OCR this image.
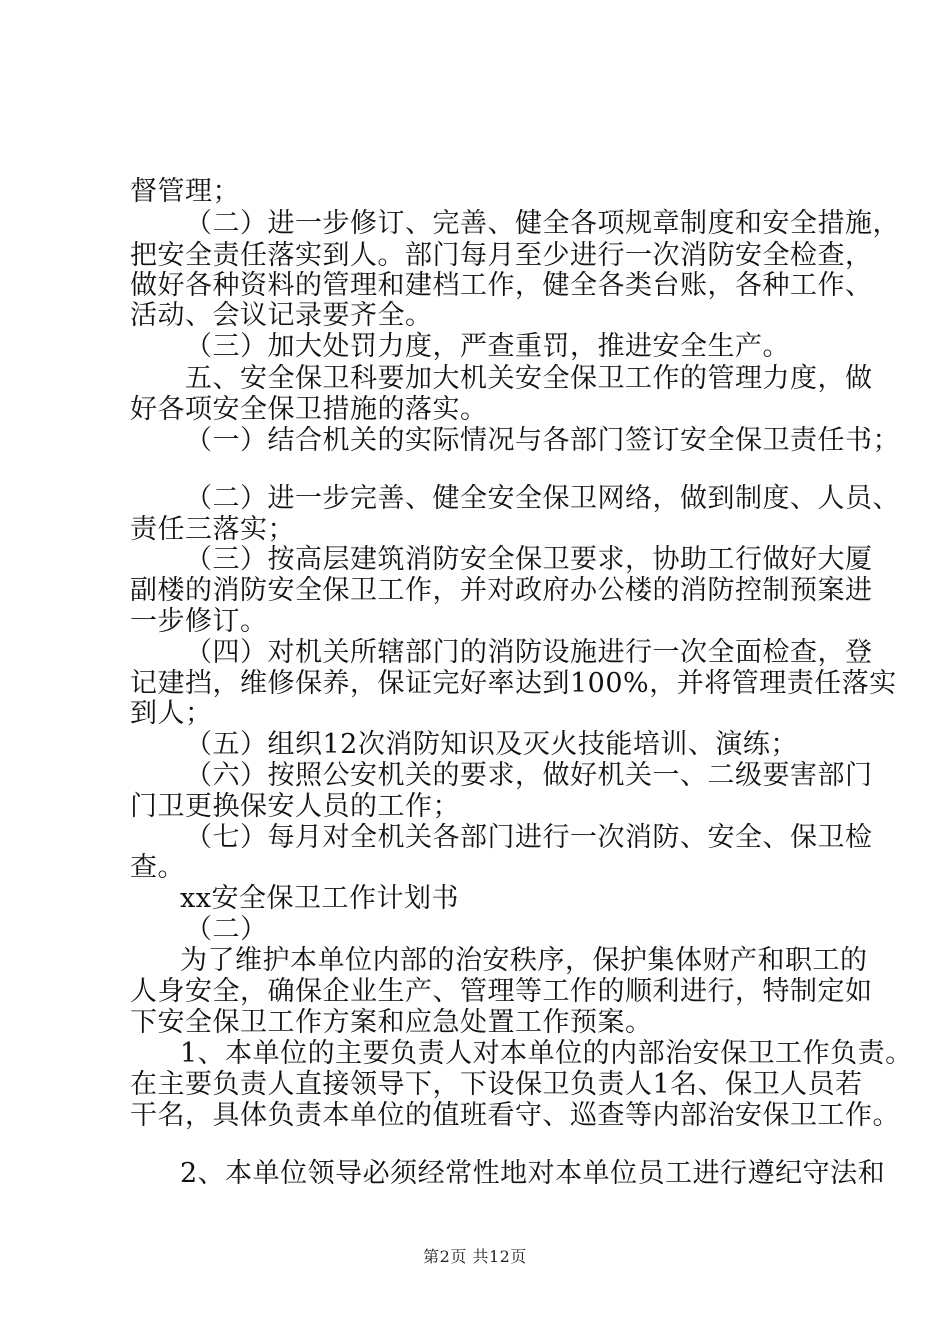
督管理；
（二）进一步修订、完善、健全各项规章制度和安全措施，
把安全责任落实到人。部门每月至少进行一次消防安全检查，
做好各种资料的管理和建档工作，健全各类台账，各种工作、
活动、会议记录要齐全。
（三）加大处罚力度，严查重罚，推进安全生产。
五、安全保卫科要加大机关安全保卫工作的管理力度，做
好各项安全保卫措施的落实。
（一）结合机关的实际情况与各部门签订安全保卫责任书；
（二）进一步完善、健全安全保卫网络，做到制度、人员、
责任三落实；
（三）按高层建筑消防安全保卫要求，协助工行做好大厦
副楼的消防安全保卫工作，并对政府办公楼的消防控制预案进
一步修订。
（四）对机关所辖部门的消防设施进行一次全面检查，登
记建挡，维修保养，保证完好率达到100%，并将管理责任落实
到人；
（五）组织12次消防知识及灭火技能培训、演练；
（六）按照公安机关的要求，做好机关一、二级要害部门
门卫更换保安人员的工作；
（七）每月对全机关各部门进行一次消防、安全、保卫检
查。
xx安全保卫工作计划书
（二）
为了维护本单位内部的治安秩序，保护集体财产和职工的
人身安全，确保企业生产、管理等工作的顺利进行，特制定如
下安全保卫工作方案和应急处置工作预案。
1、本单位的主要负责人对本单位的内部治安保卫工作负责。
在主要负责人直接领导下，下设保卫负责人1名、保卫人员若
干名，具体负责本单位的值班看守、巡查等内部治安保卫工作。
2、本单位领导必须经常性地对本单位员工进行遵纪守法和
第2页 共12页
